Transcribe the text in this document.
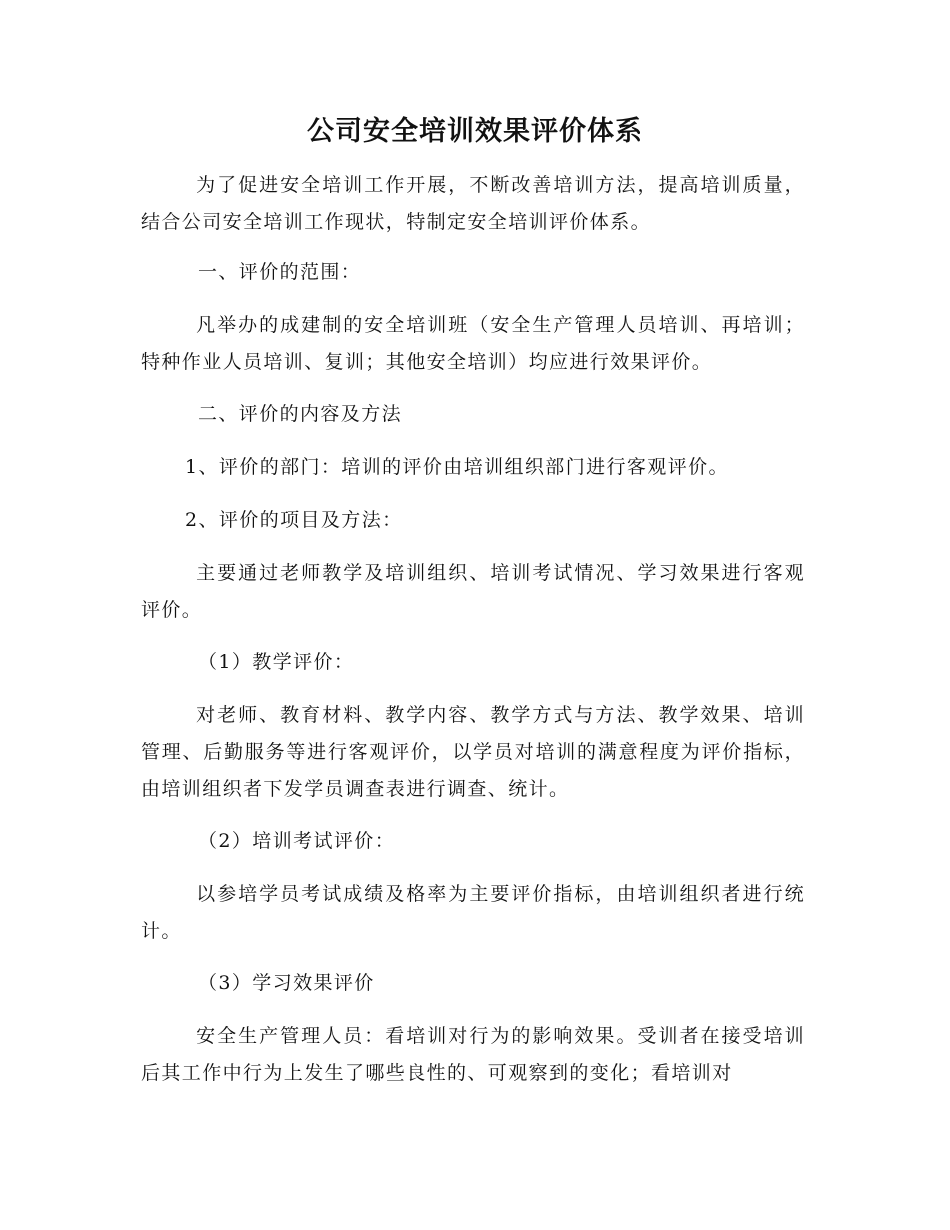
公司安全培训效果评价体系

为了促进安全培训工作开展，不断改善培训方法，提高培训质量，结合公司安全培训工作现状，特制定安全培训评价体系。

一、评价的范围：

凡举办的成建制的安全培训班（安全生产管理人员培训、再培训；特种作业人员培训、复训；其他安全培训）均应进行效果评价。

二、评价的内容及方法

1、评价的部门：培训的评价由培训组织部门进行客观评价。

2、评价的项目及方法：

主要通过老师教学及培训组织、培训考试情况、学习效果进行客观评价。

（1）教学评价：

对老师、教育材料、教学内容、教学方式与方法、教学效果、培训管理、后勤服务等进行客观评价，以学员对培训的满意程度为评价指标，由培训组织者下发学员调查表进行调查、统计。

（2）培训考试评价：

以参培学员考试成绩及格率为主要评价指标，由培训组织者进行统计。

（3）学习效果评价

安全生产管理人员：看培训对行为的影响效果。受训者在接受培训后其工作中行为上发生了哪些良性的、可观察到的变化；看培训对
